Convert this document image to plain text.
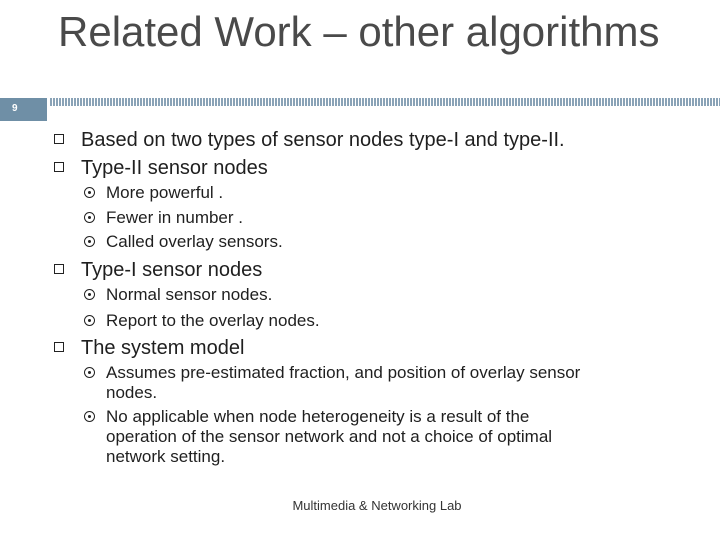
9
Related Work – other algorithms
Based on two types of sensor nodes type-I and type-II.
Type-II sensor nodes
More powerful .
Fewer in number .
Called overlay sensors.
Type-I sensor nodes
Normal sensor nodes.
Report to the overlay nodes.
The system model
Assumes pre-estimated fraction, and position of overlay sensor
nodes.
No applicable when node heterogeneity is a result of the
operation of the sensor network and not a choice of optimal
network setting.
Multimedia & Networking Lab
